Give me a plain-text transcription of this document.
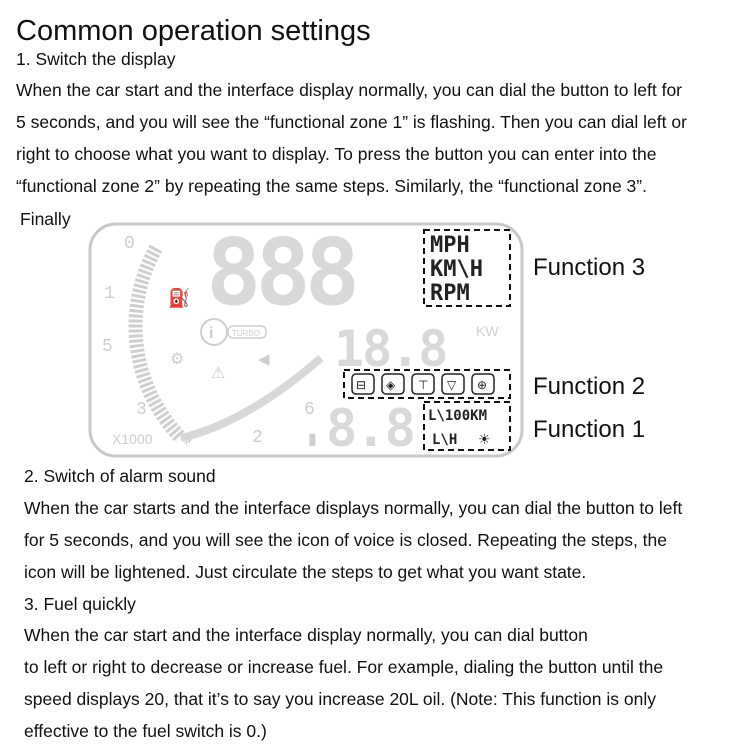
Common operation settings
1. Switch the display
When the car start and the interface display normally, you can dial the button to left for
5 seconds, and you will see the “functional zone 1” is flashing. Then you can dial left or
right to choose what you want to display. To press the button you can enter into the
“functional zone 2” by repeating the same steps. Similarly, the “functional zone 3”.
Finally
0
1
5
3
2
6
X1000 ♯	▮
⛽
i TURBO
⚙
⚠
◀
888	MPH
KM\H
RPM
18.8 KW
⊟ ◈ ⊤ ▽ ⊕
8.8 L\100KM
L\H ☀
Function 3
Function 2
Function 1
2. Switch of alarm sound
When the car starts and the interface displays normally, you can dial the button to left
for 5 seconds, and you will see the icon of voice is closed. Repeating the steps, the
icon will be lightened. Just circulate the steps to get what you want state.
3. Fuel quickly
When the car start and the interface display normally, you can dial button
to left or right to decrease or increase fuel. For example, dialing the button until the
speed displays 20, that it’s to say you increase 20L oil. (Note: This function is only
effective to the fuel switch is 0.)
